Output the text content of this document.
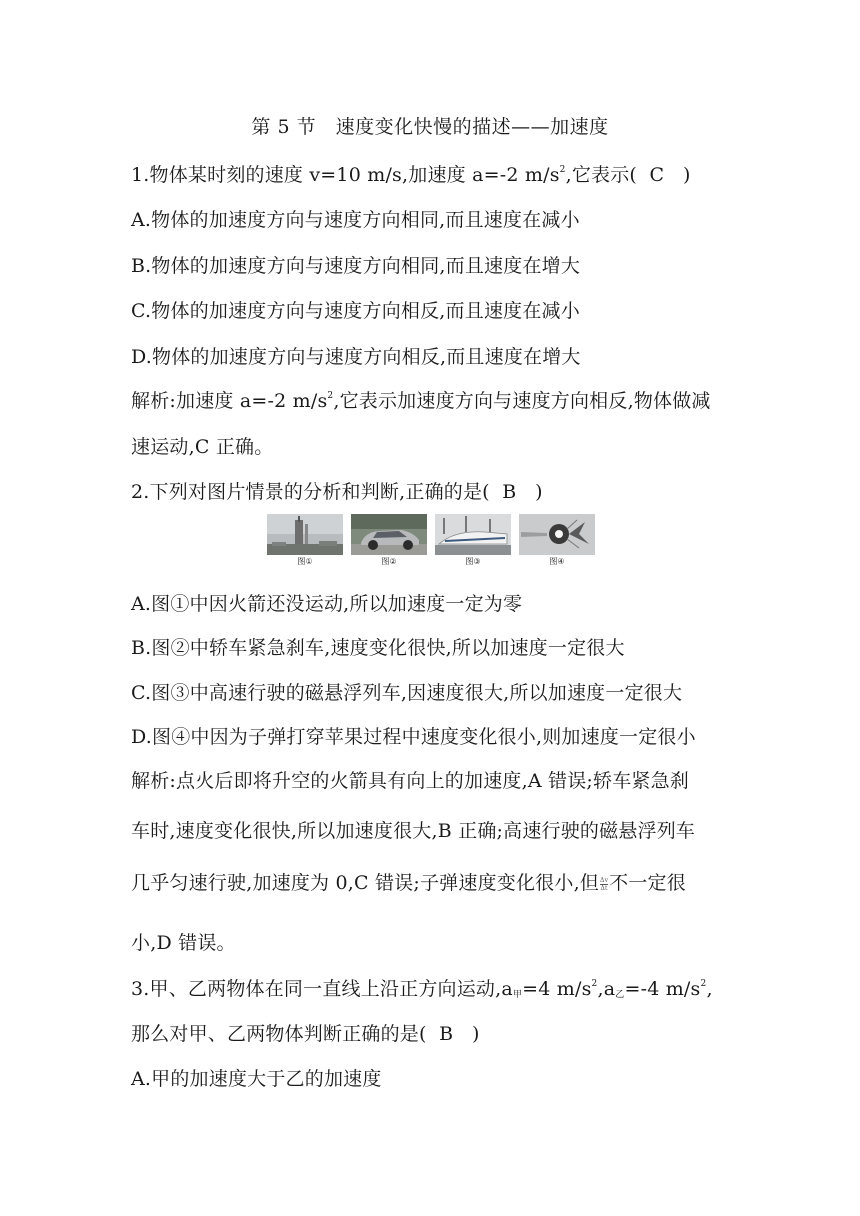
第 5 节　速度变化快慢的描述——加速度
1.物体某时刻的速度 v=10 m/s,加速度 a=-2 $m/s^2$,它表示( C )
A.物体的加速度方向与速度方向相同,而且速度在减小
B.物体的加速度方向与速度方向相同,而且速度在增大
C.物体的加速度方向与速度方向相反,而且速度在减小
D.物体的加速度方向与速度方向相反,而且速度在增大
解析:加速度 a=-2 $m/s^2$,它表示加速度方向与速度方向相反,物体做减
速运动,C 正确。
2.下列对图片情景的分析和判断,正确的是( B )
图①	图②	图③	图④
A.图①中因火箭还没运动,所以加速度一定为零
B.图②中轿车紧急刹车,速度变化很快,所以加速度一定很大
C.图③中高速行驶的磁悬浮列车,因速度很大,所以加速度一定很大
D.图④中因为子弹打穿苹果过程中速度变化很小,则加速度一定很小
解析:点火后即将升空的火箭具有向上的加速度,A 错误;轿车紧急刹
车时,速度变化很快,所以加速度很大,B 正确;高速行驶的磁悬浮列车
几乎匀速行驶,加速度为 0,C 错误;子弹速度变化很小,但 $\frac{\Delta v}{\Delta t}$不一定很
小,D 错误。
3.甲、乙两物体在同一直线上沿正方向运动$,a_甲=4$ $m/s^2,a_乙=-4$ $m/s^2$,
那么对甲、乙两物体判断正确的是( B )
A.甲的加速度大于乙的加速度
